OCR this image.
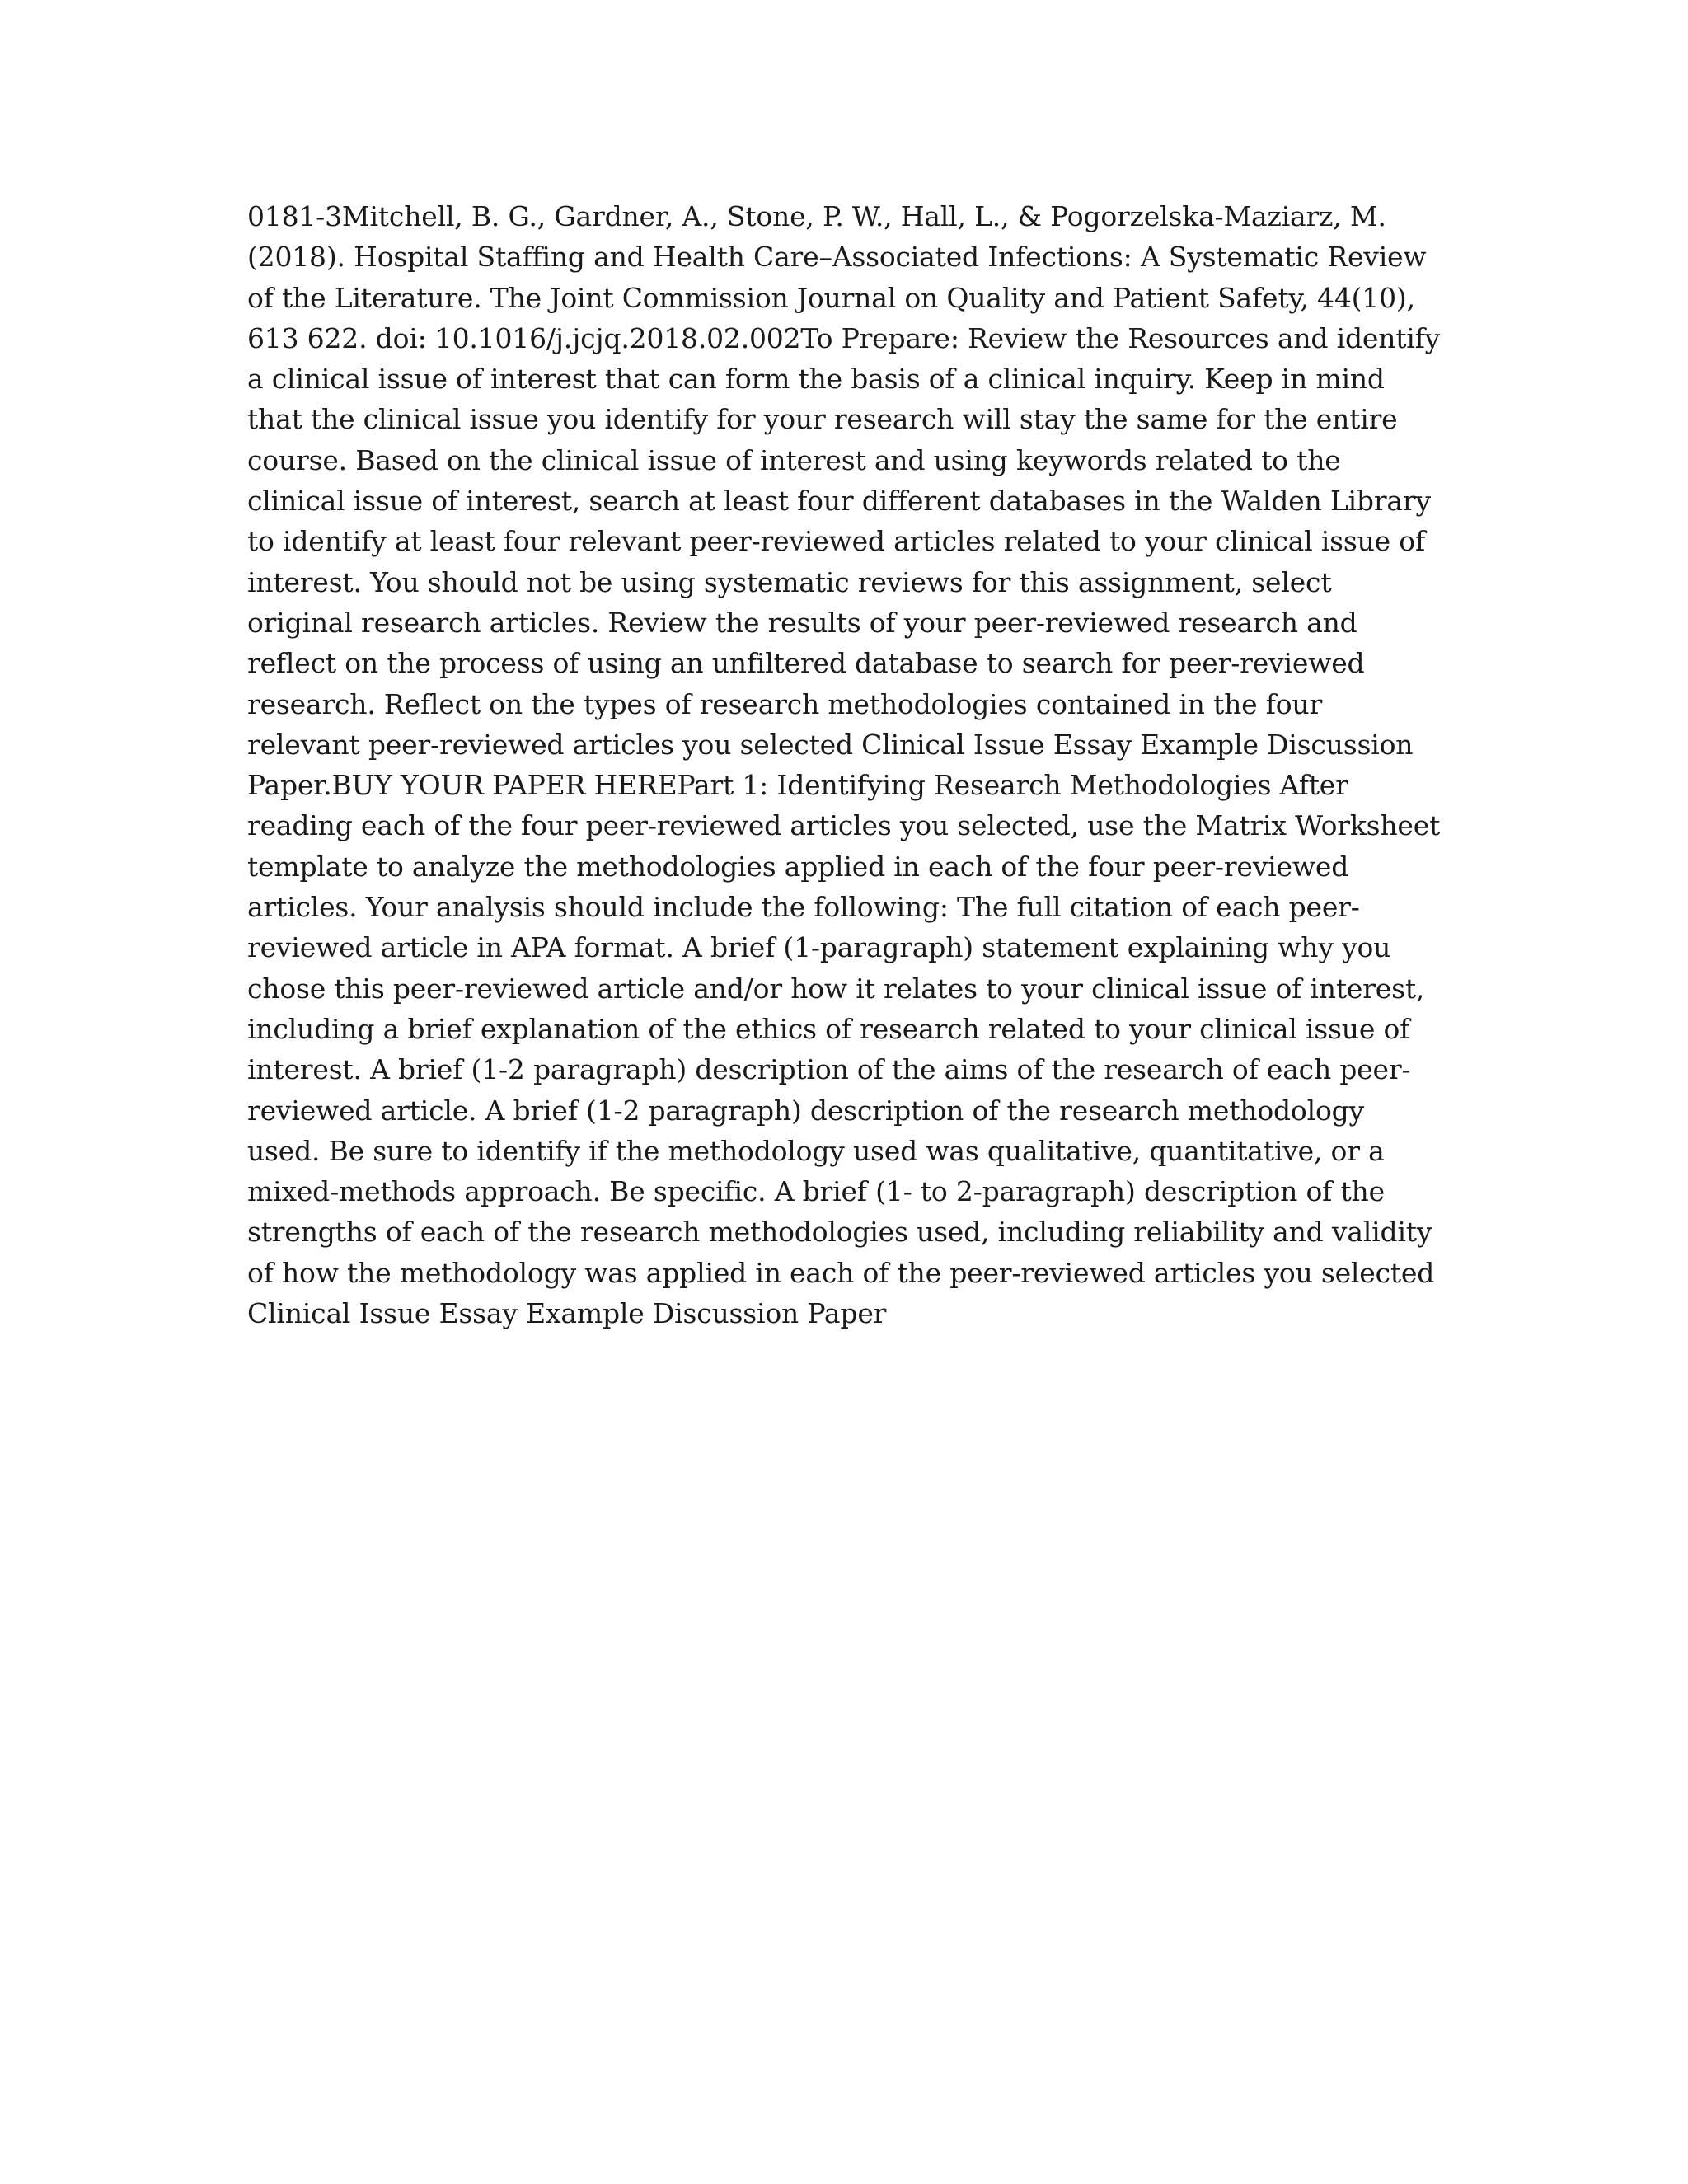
0181-3Mitchell, B. G., Gardner, A., Stone, P. W., Hall, L., & Pogorzelska-Maziarz, M. (2018). Hospital Staffing and Health Care–Associated Infections: A Systematic Review of the Literature. The Joint Commission Journal on Quality and Patient Safety, 44(10), 613 622. doi: 10.1016/j.jcjq.2018.02.002To Prepare: Review the Resources and identify a clinical issue of interest that can form the basis of a clinical inquiry. Keep in mind that the clinical issue you identify for your research will stay the same for the entire course. Based on the clinical issue of interest and using keywords related to the clinical issue of interest, search at least four different databases in the Walden Library to identify at least four relevant peer-reviewed articles related to your clinical issue of interest. You should not be using systematic reviews for this assignment, select original research articles. Review the results of your peer-reviewed research and reflect on the process of using an unfiltered database to search for peer-reviewed research. Reflect on the types of research methodologies contained in the four relevant peer-reviewed articles you selected Clinical Issue Essay Example Discussion Paper.BUY YOUR PAPER HEREPart 1: Identifying Research Methodologies After reading each of the four peer-reviewed articles you selected, use the Matrix Worksheet template to analyze the methodologies applied in each of the four peer-reviewed articles. Your analysis should include the following: The full citation of each peer-reviewed article in APA format. A brief (1-paragraph) statement explaining why you chose this peer-reviewed article and/or how it relates to your clinical issue of interest, including a brief explanation of the ethics of research related to your clinical issue of interest. A brief (1-2 paragraph) description of the aims of the research of each peer-reviewed article. A brief (1-2 paragraph) description of the research methodology used. Be sure to identify if the methodology used was qualitative, quantitative, or a mixed-methods approach. Be specific. A brief (1- to 2-paragraph) description of the strengths of each of the research methodologies used, including reliability and validity of how the methodology was applied in each of the peer-reviewed articles you selected Clinical Issue Essay Example Discussion Paper
